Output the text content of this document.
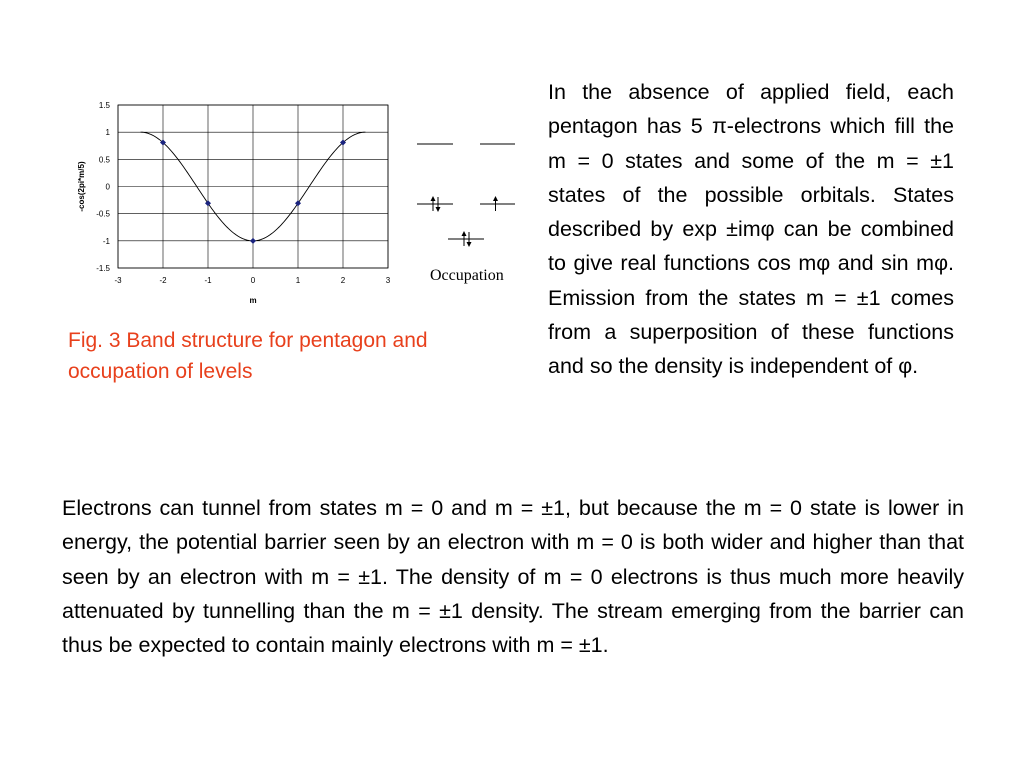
-3	-2	-1	0	1	2	3
1.5
1
0.5
0
-0.5
-1
-1.5
m
-cos(2pi*m/5)
Occupation

Fig. 3 Band structure for pentagon and occupation of levels

In the absence of applied field, each pentagon has 5 π-electrons which fill the m = 0 states and some of the m = ±1 states of the possible orbitals. States described by exp ±imφ can be combined to give real functions cos mφ and sin mφ. Emission from the states m = ±1 comes from a superposition of these functions and so the density is independent of φ.

Electrons can tunnel from states m = 0 and m = ±1, but because the m = 0 state is lower in energy, the potential barrier seen by an electron with m = 0 is both wider and higher than that seen by an electron with m = ±1. The density of m = 0 electrons is thus much more heavily attenuated by tunnelling than the m = ±1 density. The stream emerging from the barrier can thus be expected to contain mainly electrons with m = ±1.
